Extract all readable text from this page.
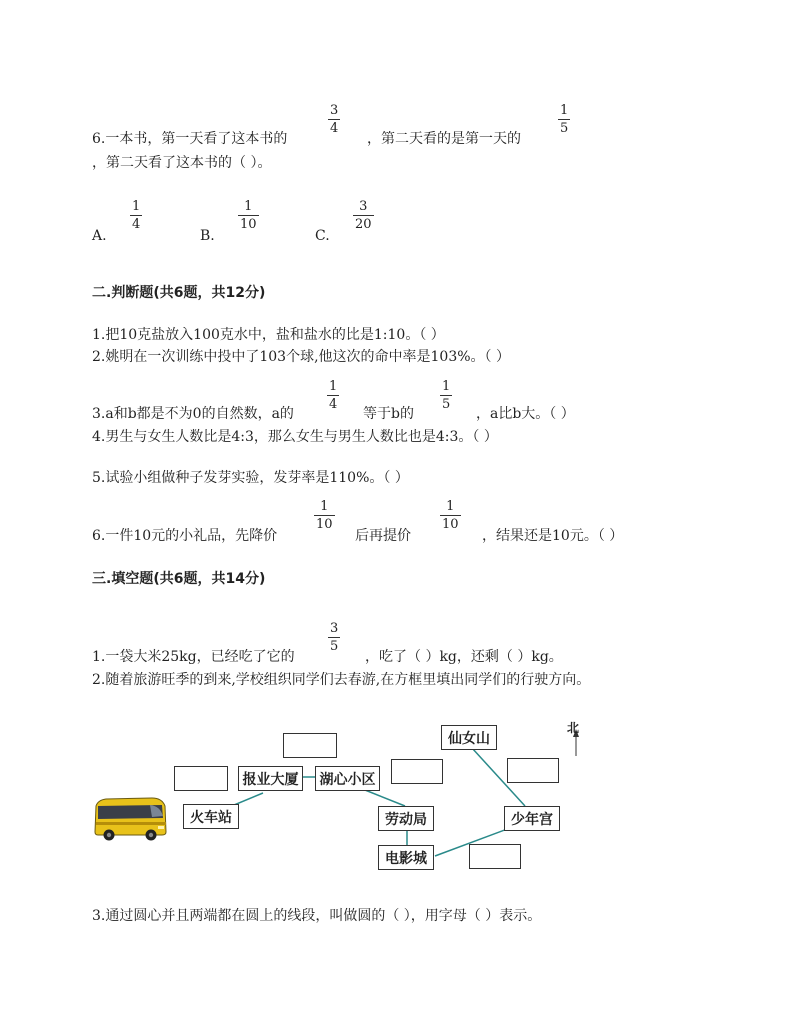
3
4
1
5
6.一本书，第一天看了这本书的	，第二天看的是第一天的
，第二天看了这本书的（ ）。
1
4
1
10
3
20
A.	B.	C.
二.判断题(共6题，共12分)
1.把10克盐放入100克水中，盐和盐水的比是1:10。（ ）
2.姚明在一次训练中投中了103个球,他这次的命中率是103%。（ ）
1
4
1
5
3.a和b都是不为0的自然数，a的	等于b的	，a比b大。（ ）
4.男生与女生人数比是4:3，那么女生与男生人数比也是4:3。（ ）
5.试验小组做种子发芽实验，发芽率是110%。（ ）
1
10
1
10
6.一件10元的小礼品，先降价	后再提价	，结果还是10元。（ ）
三.填空题(共6题，共14分)
3
5
1.一袋大米25kg，已经吃了它的	，吃了（ ）kg，还剩（ ）kg。
2.随着旅游旺季的到来,学校组织同学们去春游,在方框里填出同学们的行驶方向。
北
仙女山
报业大厦	湖心小区
火车站	劳动局	少年宫
电影城
3.通过圆心并且两端都在圆上的线段，叫做圆的（ ），用字母（ ）表示。
